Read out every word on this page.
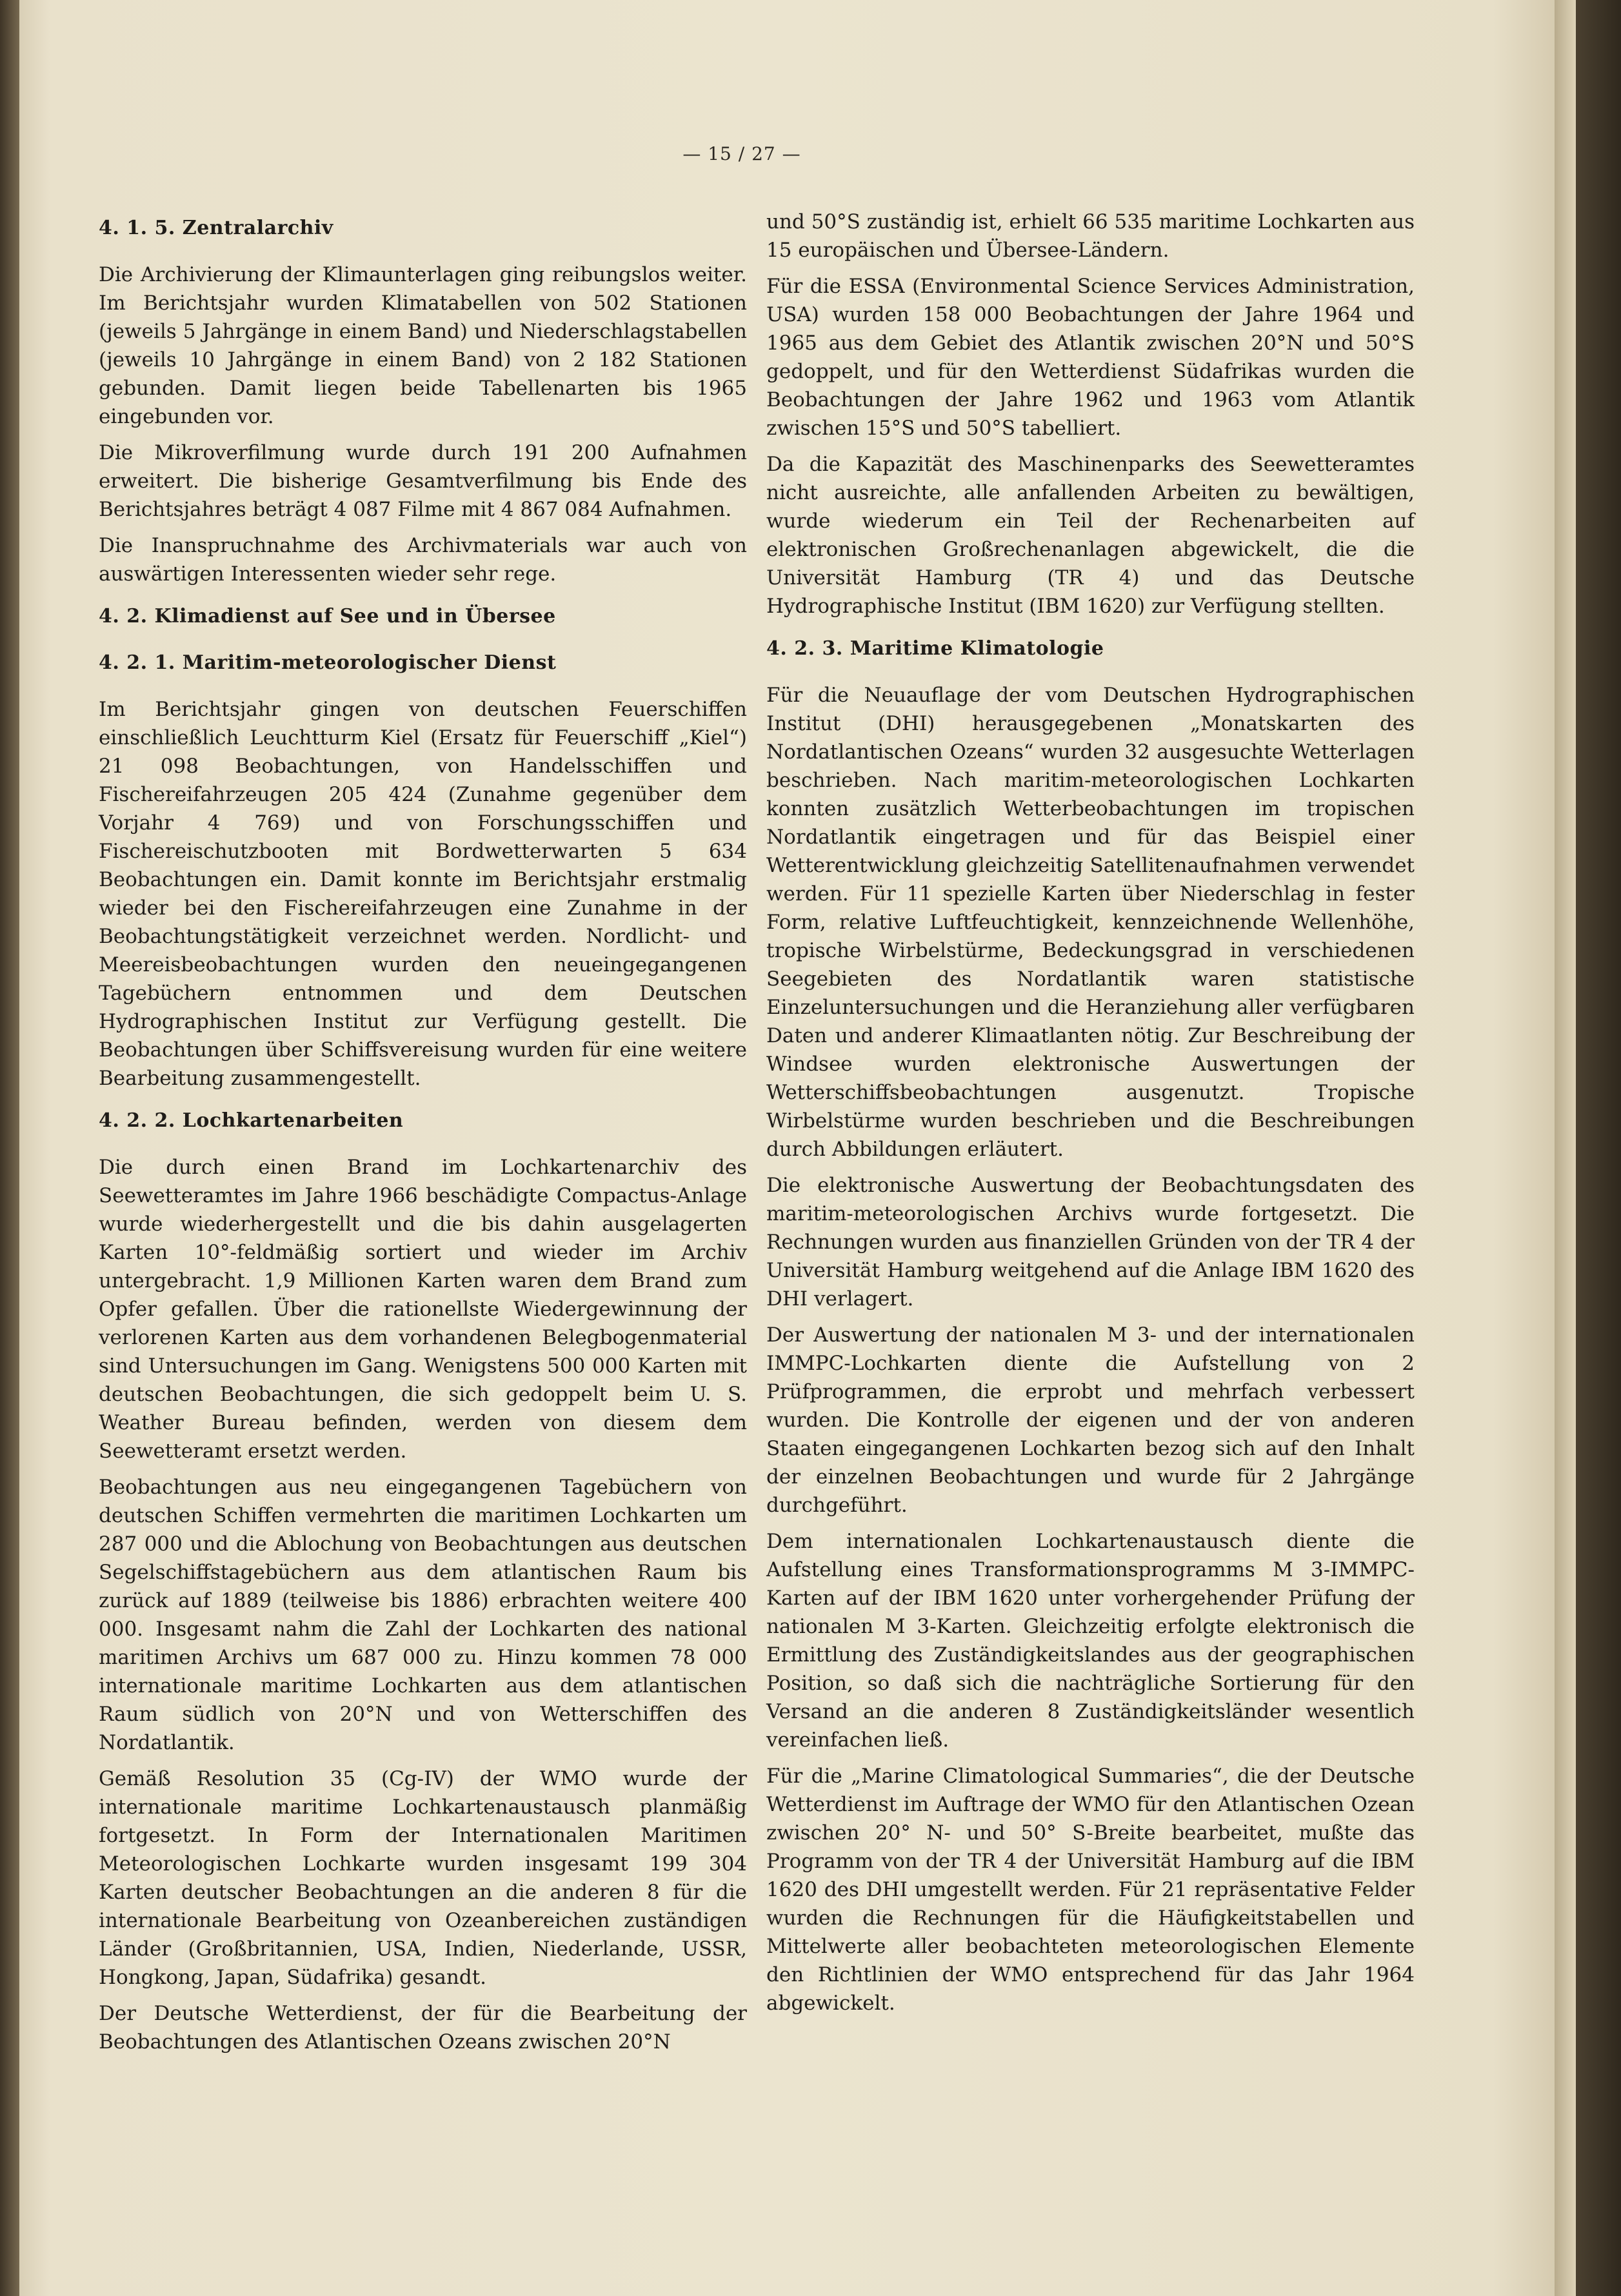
— 15 / 27 —
4. 1. 5. Zentralarchiv

Die Archivierung der Klimaunterlagen ging reibungslos weiter. Im Berichtsjahr wurden Klimatabellen von 502 Stationen (jeweils 5 Jahrgänge in einem Band) und Niederschlagstabellen (jeweils 10 Jahrgänge in einem Band) von 2 182 Stationen gebunden. Damit liegen beide Tabellenarten bis 1965 eingebunden vor.

Die Mikroverfilmung wurde durch 191 200 Aufnahmen erweitert. Die bisherige Gesamtverfilmung bis Ende des Berichtsjahres beträgt 4 087 Filme mit 4 867 084 Aufnahmen.

Die Inanspruchnahme des Archivmaterials war auch von auswärtigen Interessenten wieder sehr rege.

4. 2. Klimadienst auf See und in Übersee
4. 2. 1. Maritim-meteorologischer Dienst

Im Berichtsjahr gingen von deutschen Feuerschiffen einschließlich Leuchtturm Kiel (Ersatz für Feuerschiff „Kiel“) 21 098 Beobachtungen, von Handelsschiffen und Fischereifahrzeugen 205 424 (Zunahme gegenüber dem Vorjahr 4 769) und von Forschungsschiffen und Fischereischutzbooten mit Bordwetterwarten 5 634 Beobachtungen ein. Damit konnte im Berichtsjahr erstmalig wieder bei den Fischereifahrzeugen eine Zunahme in der Beobachtungstätigkeit verzeichnet werden. Nordlicht- und Meereisbeobachtungen wurden den neueingegangenen Tagebüchern entnommen und dem Deutschen Hydrographischen Institut zur Verfügung gestellt. Die Beobachtungen über Schiffsvereisung wurden für eine weitere Bearbeitung zusammengestellt.

4. 2. 2. Lochkartenarbeiten

Die durch einen Brand im Lochkartenarchiv des Seewetteramtes im Jahre 1966 beschädigte Compactus-Anlage wurde wiederhergestellt und die bis dahin ausgelagerten Karten 10°-feldmäßig sortiert und wieder im Archiv untergebracht. 1,9 Millionen Karten waren dem Brand zum Opfer gefallen. Über die rationellste Wiedergewinnung der verlorenen Karten aus dem vorhandenen Belegbogenmaterial sind Untersuchungen im Gang. Wenigstens 500 000 Karten mit deutschen Beobachtungen, die sich gedoppelt beim U. S. Weather Bureau befinden, werden von diesem dem Seewetteramt ersetzt werden.

Beobachtungen aus neu eingegangenen Tagebüchern von deutschen Schiffen vermehrten die maritimen Lochkarten um 287 000 und die Ablochung von Beobachtungen aus deutschen Segelschiffstagebüchern aus dem atlantischen Raum bis zurück auf 1889 (teilweise bis 1886) erbrachten weitere 400 000. Insgesamt nahm die Zahl der Lochkarten des national maritimen Archivs um 687 000 zu. Hinzu kommen 78 000 internationale maritime Lochkarten aus dem atlantischen Raum südlich von 20°N und von Wetterschiffen des Nordatlantik.

Gemäß Resolution 35 (Cg-IV) der WMO wurde der internationale maritime Lochkartenaustausch planmäßig fortgesetzt. In Form der Internationalen Maritimen Meteorologischen Lochkarte wurden insgesamt 199 304 Karten deutscher Beobachtungen an die anderen 8 für die internationale Bearbeitung von Ozeanbereichen zuständigen Länder (Großbritannien, USA, Indien, Niederlande, USSR, Hongkong, Japan, Südafrika) gesandt.

Der Deutsche Wetterdienst, der für die Bearbeitung der Beobachtungen des Atlantischen Ozeans zwischen 20°N

und 50°S zuständig ist, erhielt 66 535 maritime Lochkarten aus 15 europäischen und Übersee-Ländern.

Für die ESSA (Environmental Science Services Administration, USA) wurden 158 000 Beobachtungen der Jahre 1964 und 1965 aus dem Gebiet des Atlantik zwischen 20°N und 50°S gedoppelt, und für den Wetterdienst Südafrikas wurden die Beobachtungen der Jahre 1962 und 1963 vom Atlantik zwischen 15°S und 50°S tabelliert.

Da die Kapazität des Maschinenparks des Seewetteramtes nicht ausreichte, alle anfallenden Arbeiten zu bewältigen, wurde wiederum ein Teil der Rechenarbeiten auf elektronischen Großrechenanlagen abgewickelt, die die Universität Hamburg (TR 4) und das Deutsche Hydrographische Institut (IBM 1620) zur Verfügung stellten.

4. 2. 3. Maritime Klimatologie

Für die Neuauflage der vom Deutschen Hydrographischen Institut (DHI) herausgegebenen „Monatskarten des Nordatlantischen Ozeans“ wurden 32 ausgesuchte Wetterlagen beschrieben. Nach maritim-meteorologischen Lochkarten konnten zusätzlich Wetterbeobachtungen im tropischen Nordatlantik eingetragen und für das Beispiel einer Wetterentwicklung gleichzeitig Satellitenaufnahmen verwendet werden. Für 11 spezielle Karten über Niederschlag in fester Form, relative Luftfeuchtigkeit, kennzeichnende Wellenhöhe, tropische Wirbelstürme, Bedeckungsgrad in verschiedenen Seegebieten des Nordatlantik waren statistische Einzeluntersuchungen und die Heranziehung aller verfügbaren Daten und anderer Klimaatlanten nötig. Zur Beschreibung der Windsee wurden elektronische Auswertungen der Wetterschiffsbeobachtungen ausgenutzt. Tropische Wirbelstürme wurden beschrieben und die Beschreibungen durch Abbildungen erläutert.

Die elektronische Auswertung der Beobachtungsdaten des maritim-meteorologischen Archivs wurde fortgesetzt. Die Rechnungen wurden aus finanziellen Gründen von der TR 4 der Universität Hamburg weitgehend auf die Anlage IBM 1620 des DHI verlagert.

Der Auswertung der nationalen M 3- und der internationalen IMMPC-Lochkarten diente die Aufstellung von 2 Prüfprogrammen, die erprobt und mehrfach verbessert wurden. Die Kontrolle der eigenen und der von anderen Staaten eingegangenen Lochkarten bezog sich auf den Inhalt der einzelnen Beobachtungen und wurde für 2 Jahrgänge durchgeführt.

Dem internationalen Lochkartenaustausch diente die Aufstellung eines Transformationsprogramms M 3-IMMPC-Karten auf der IBM 1620 unter vorhergehender Prüfung der nationalen M 3-Karten. Gleichzeitig erfolgte elektronisch die Ermittlung des Zuständigkeitslandes aus der geographischen Position, so daß sich die nachträgliche Sortierung für den Versand an die anderen 8 Zuständigkeitsländer wesentlich vereinfachen ließ.

Für die „Marine Climatological Summaries“, die der Deutsche Wetterdienst im Auftrage der WMO für den Atlantischen Ozean zwischen 20° N- und 50° S-Breite bearbeitet, mußte das Programm von der TR 4 der Universität Hamburg auf die IBM 1620 des DHI umgestellt werden. Für 21 repräsentative Felder wurden die Rechnungen für die Häufigkeitstabellen und Mittelwerte aller beobachteten meteorologischen Elemente den Richtlinien der WMO entsprechend für das Jahr 1964 abgewickelt.
